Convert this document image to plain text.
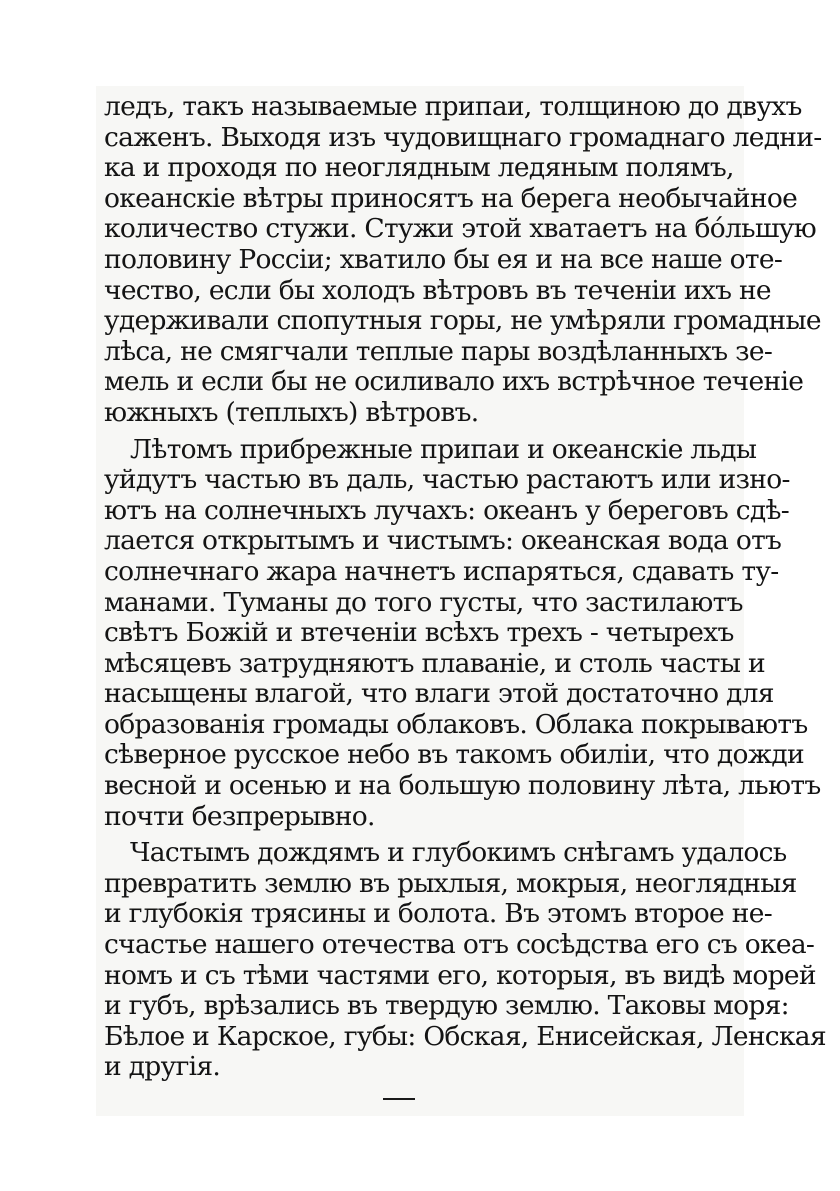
ледъ, такъ называемые припаи, толщиною до двухъ
саженъ. Выходя изъ чудовищнаго громаднаго ледни-
ка и проходя по неоглядным ледяным полямъ,
океанскіе вѣтры приносятъ на берега необычайное
количество стужи. Стужи этой хватаетъ на бо́льшую
половину Россіи; хватило бы ея и на все наше оте-
чество, если бы холодъ вѣтровъ въ теченіи ихъ не
удерживали спопутныя горы, не умѣряли громадные
лѣса, не смягчали теплые пары воздѣланныхъ зе-
мель и если бы не осиливало ихъ встрѣчное теченіе
южныхъ (теплыхъ) вѣтровъ.
Лѣтомъ прибрежные припаи и океанскіе льды
уйдутъ частью въ даль, частью растаютъ или изно-
ютъ на солнечныхъ лучахъ: океанъ у береговъ сдѣ-
лается открытымъ и чистымъ: океанская вода отъ
солнечнаго жара начнетъ испаряться, сдавать ту-
манами. Туманы до того густы, что застилаютъ
свѣтъ Божій и втеченіи всѣхъ трехъ - четырехъ
мѣсяцевъ затрудняютъ плаваніе, и столь часты и
насыщены влагой, что влаги этой достаточно для
образованія громады облаковъ. Облака покрываютъ
сѣверное русское небо въ такомъ обиліи, что дожди
весной и осенью и на большую половину лѣта, льютъ
почти безпрерывно.
Частымъ дождямъ и глубокимъ снѣгамъ удалось
превратить землю въ рыхлыя, мокрыя, неоглядныя
и глубокія трясины и болота. Въ этомъ второе не-
счастье нашего отечества отъ сосѣдства его съ океа-
номъ и съ тѣми частями его, которыя, въ видѣ морей
и губъ, врѣзались въ твердую землю. Таковы моря:
Бѣлое и Карское, губы: Обская, Енисейская, Ленская
и другія.
